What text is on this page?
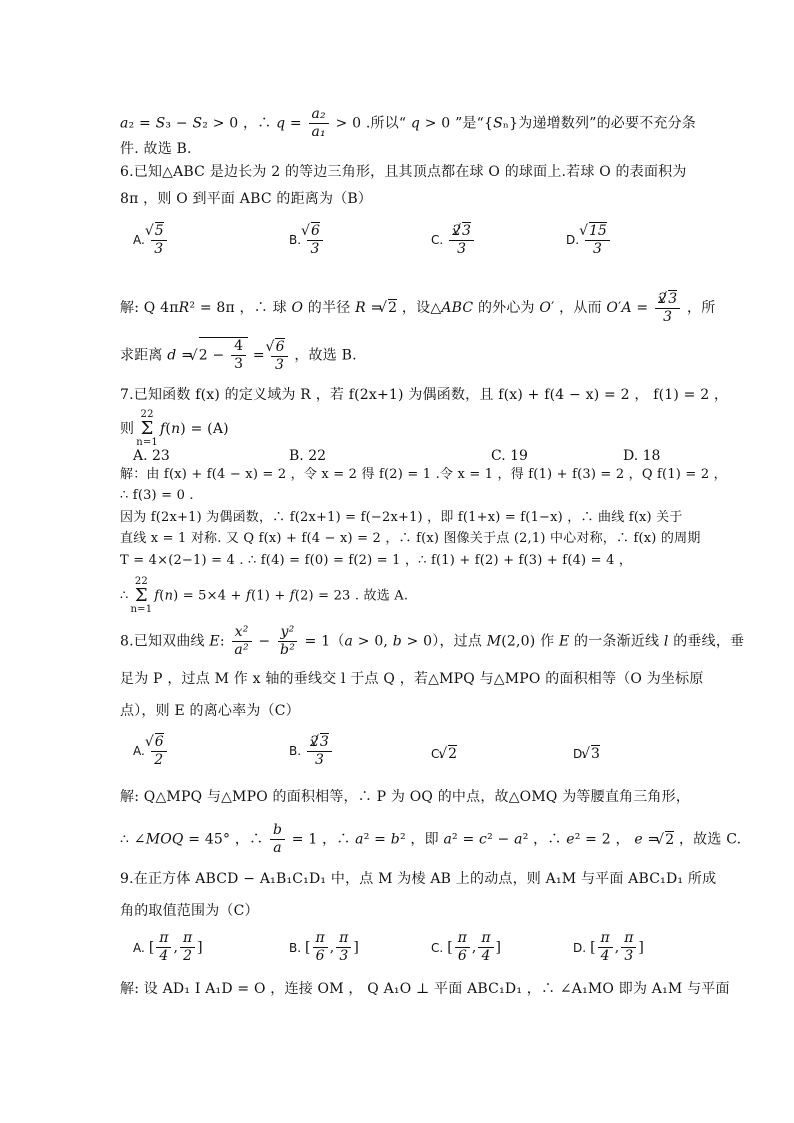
a₂ = S₃ − S₂ > 0 ，∴ $q = \frac{\text{a₂}}{\text{a₁}} > 0$ .所以“ q > 0 ”是“{Sₙ}为递增数列”的必要不充分条
件. 故选 B.
6.已知△ABC 是边长为 2 的等边三角形，且其顶点都在球 O 的球面上.若球 O 的表面积为
8π ，则 O 到平面 ABC 的距离为（B）
A. √ $\frac{5}{3}$	B. √ $\frac{6}{3}$	C. $\frac{2√ 3}{3}$	D. √ $\frac{15}{3}$
解: Q 4πR² = 8π ，∴ 球 O 的半径 R = √ 2 ，设△ABC 的外心为 O′ ，从而 $O'A = \frac{2√ 3}{3}$ ，所
求距离 d = √ $2 - \frac{4}{3}$ = √ $\frac{6}{3}$ ，故选 B.
7.已知函数 f(x) 的定义域为 R ，若 f(2x+1) 为偶函数，且 f(x) + f(4 − x) = 2 ， f(1) = 2 ，
则
22
Σ
n=1
f(n) = (A)
A. 23	B. 22	C. 19	D. 18
解：由 f(x) + f(4 − x) = 2 ，令 x = 2 得 f(2) = 1 .令 x = 1 ，得 f(1) + f(3) = 2 ，Q f(1) = 2 ，
∴ f(3) = 0 .
因为 f(2x+1) 为偶函数，∴ f(2x+1) = f(−2x+1) ，即 f(1+x) = f(1−x) ，∴ 曲线 f(x) 关于
直线 x = 1 对称. 又 Q f(x) + f(4 − x) = 2 ，∴ f(x) 图像关于点 (2,1) 中心对称，∴ f(x) 的周期
T = 4×(2−1) = 4 . ∴ f(4) = f(0) = f(2) = 1 ，∴ f(1) + f(2) + f(3) + f(4) = 4 ，
∴
22
Σ
n=1
f(n) = 5×4 + f(1) + f(2) = 23 . 故选 A.
8.已知双曲线 E: $\frac{\text{x²}}{\text{a²}} - \frac{\text{y²}}{\text{b²}} = 1(a > 0$, b > 0），过点 M(2,0) 作 E 的一条渐近线 l 的垂线，垂
足为 P ，过点 M 作 x 轴的垂线交 l 于点 Q ，若△MPQ 与△MPO 的面积相等（O 为坐标原
点），则 E 的离心率为（C）
A. √ $\frac{6}{2}$	B. $\frac{2√ 3}{3}$	C. √ 2	D. √ 3
解: Q△MPQ 与△MPO 的面积相等，∴ P 为 OQ 的中点，故△OMQ 为等腰直角三角形，
∴ ∠MOQ = 45° ，∴ $\frac{b}{a} = 1$ ，∴ a² = b² ，即 a² = c² − a² ，∴ e² = 2 ， e = √ 2 ，故选 C.
9.在正方体 ABCD − A₁B₁C₁D₁ 中，点 M 为棱 AB 上的动点，则 A₁M 与平面 ABC₁D₁ 所成
角的取值范围为（C）
A. [ $\frac{\pi}{4}$ , $\frac{\pi}{2}$ ]	B. [ $\frac{\pi}{6}$ , $\frac{\pi}{3}$ ]	C. [ $\frac{\pi}{6}$ , $\frac{\pi}{4}$ ]	D. [ $\frac{\pi}{4}$ , $\frac{\pi}{3}$ ]
解: 设 AD₁ I A₁D = O ，连接 OM ， Q A₁O ⊥ 平面 ABC₁D₁ ，∴ ∠A₁MO 即为 A₁M 与平面
